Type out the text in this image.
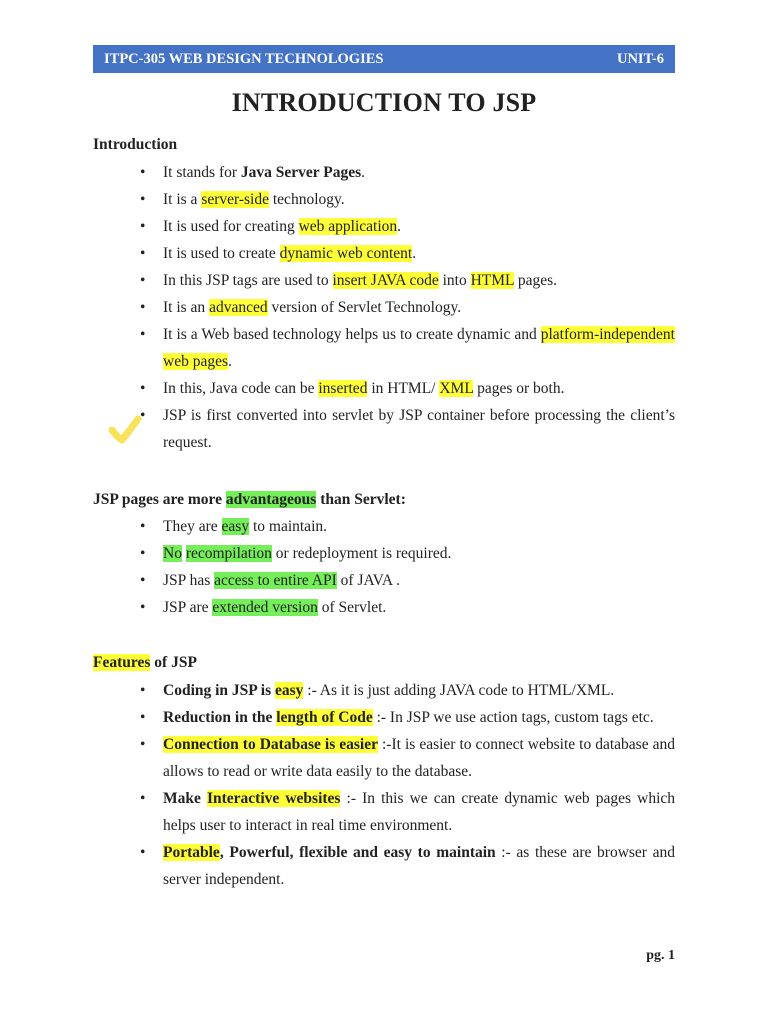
ITPC-305 WEB DESIGN TECHNOLOGIES	UNIT-6
INTRODUCTION TO JSP
Introduction
• It stands for Java Server Pages.
• It is a server-side technology.
• It is used for creating web application.
• It is used to create dynamic web content.
• In this JSP tags are used to insert JAVA code into HTML pages.
• It is an advanced version of Servlet Technology.
• It is a Web based technology helps us to create dynamic and platform-independent web pages.
• In this, Java code can be inserted in HTML/ XML pages or both.
• JSP is first converted into servlet by JSP container before processing the client’s request.
JSP pages are more advantageous than Servlet:
• They are easy to maintain.
• No recompilation or redeployment is required.
• JSP has access to entire API of JAVA .
• JSP are extended version of Servlet.
Features of JSP
• Coding in JSP is easy :- As it is just adding JAVA code to HTML/XML.
• Reduction in the length of Code :- In JSP we use action tags, custom tags etc.
• Connection to Database is easier :-It is easier to connect website to database and allows to read or write data easily to the database.
• Make Interactive websites :- In this we can create dynamic web pages which helps user to interact in real time environment.
• Portable, Powerful, flexible and easy to maintain :- as these are browser and server independent.
pg. 1
